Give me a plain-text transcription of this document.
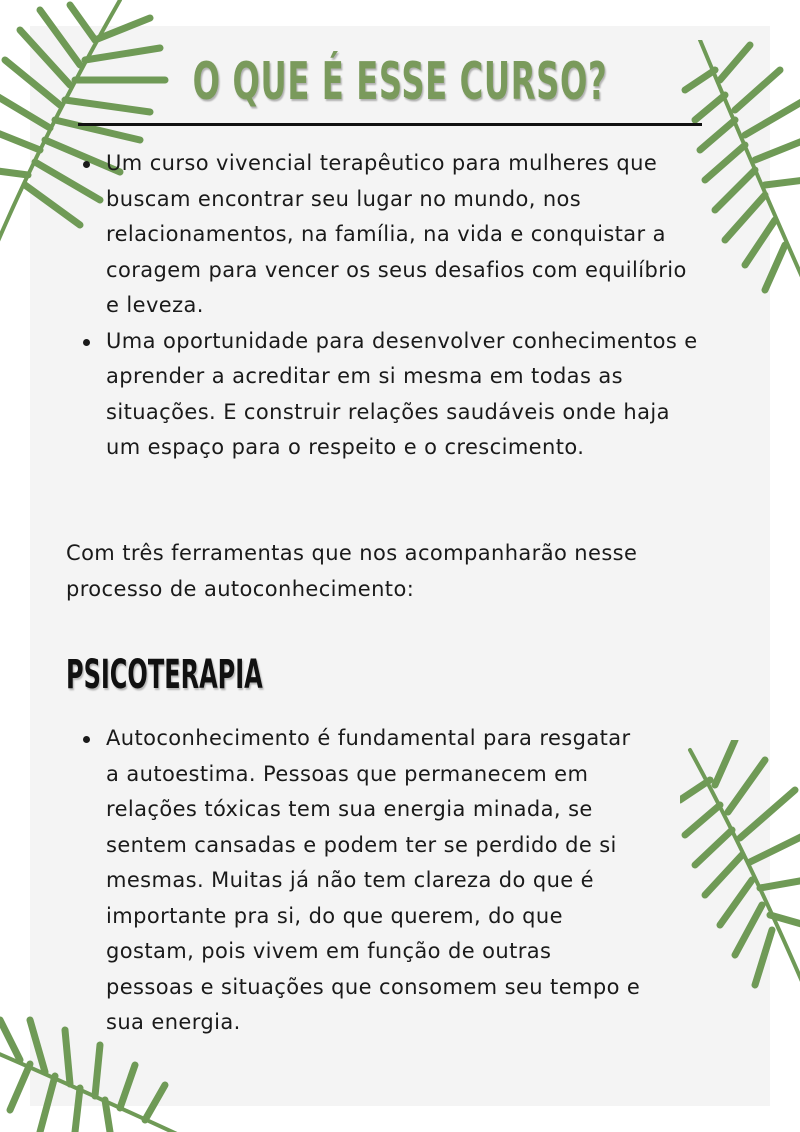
O QUE É ESSE CURSO?
Um curso vivencial terapêutico para mulheres que buscam encontrar seu lugar no mundo, nos relacionamentos, na família, na vida e conquistar a coragem para vencer os seus desafios com equilíbrio e leveza.
Uma oportunidade para desenvolver conhecimentos e aprender a acreditar em si mesma em todas as situações. E construir relações saudáveis onde haja um espaço para o respeito e o crescimento.
Com três ferramentas que nos acompanharão nesse processo de autoconhecimento:
PSICOTERAPIA
Autoconhecimento é fundamental para resgatar a autoestima. Pessoas que permanecem em relações tóxicas tem sua energia minada, se sentem cansadas e podem ter se perdido de si mesmas. Muitas já não tem clareza do que é importante pra si, do que querem, do que gostam, pois vivem em função de outras pessoas e situações que consomem seu tempo e sua energia.
